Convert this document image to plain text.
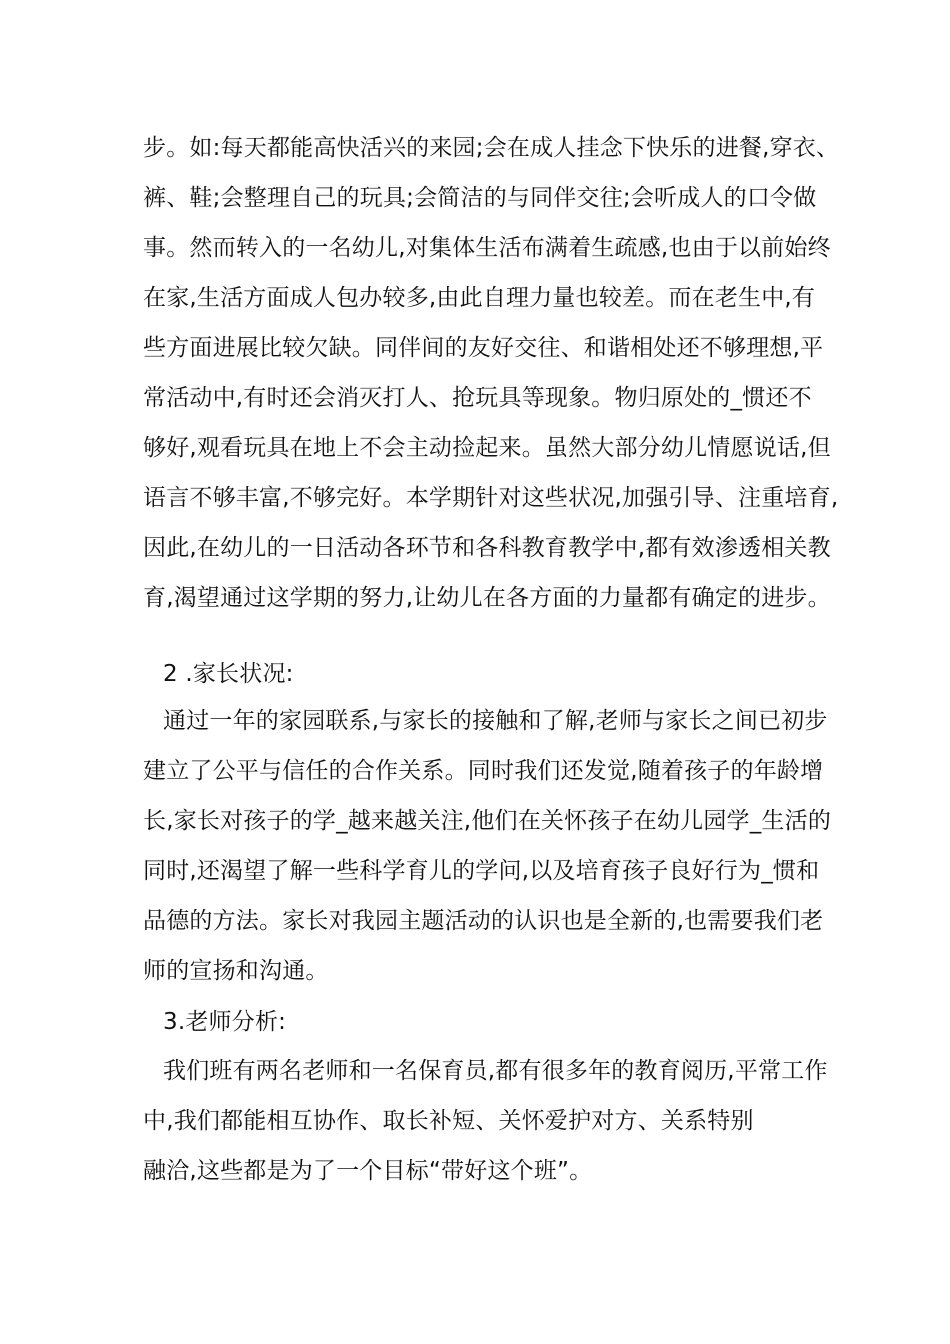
步。如:每天都能高快活兴的来园;会在成人挂念下快乐的进餐,穿衣、
裤、鞋;会整理自己的玩具;会简洁的与同伴交往;会听成人的口令做
事。然而转入的一名幼儿,对集体生活布满着生疏感,也由于以前始终
在家,生活方面成人包办较多,由此自理力量也较差。而在老生中,有
些方面进展比较欠缺。同伴间的友好交往、和谐相处还不够理想,平
常活动中,有时还会消灭打人、抢玩具等现象。物归原处的_惯还不
够好,观看玩具在地上不会主动捡起来。虽然大部分幼儿情愿说话,但
语言不够丰富,不够完好。本学期针对这些状况,加强引导、注重培育,
因此,在幼儿的一日活动各环节和各科教育教学中,都有效渗透相关教
育,渴望通过这学期的努力,让幼儿在各方面的力量都有确定的进步。
2 .家长状况:
通过一年的家园联系,与家长的接触和了解,老师与家长之间已初步
建立了公平与信任的合作关系。同时我们还发觉,随着孩子的年龄增
长,家长对孩子的学_越来越关注,他们在关怀孩子在幼儿园学_生活的
同时,还渴望了解一些科学育儿的学问,以及培育孩子良好行为_惯和
品德的方法。家长对我园主题活动的认识也是全新的,也需要我们老
师的宣扬和沟通。
3.老师分析:
我们班有两名老师和一名保育员,都有很多年的教育阅历,平常工作
中,我们都能相互协作、取长补短、关怀爱护对方、关系特别
融洽,这些都是为了一个目标“带好这个班”。
